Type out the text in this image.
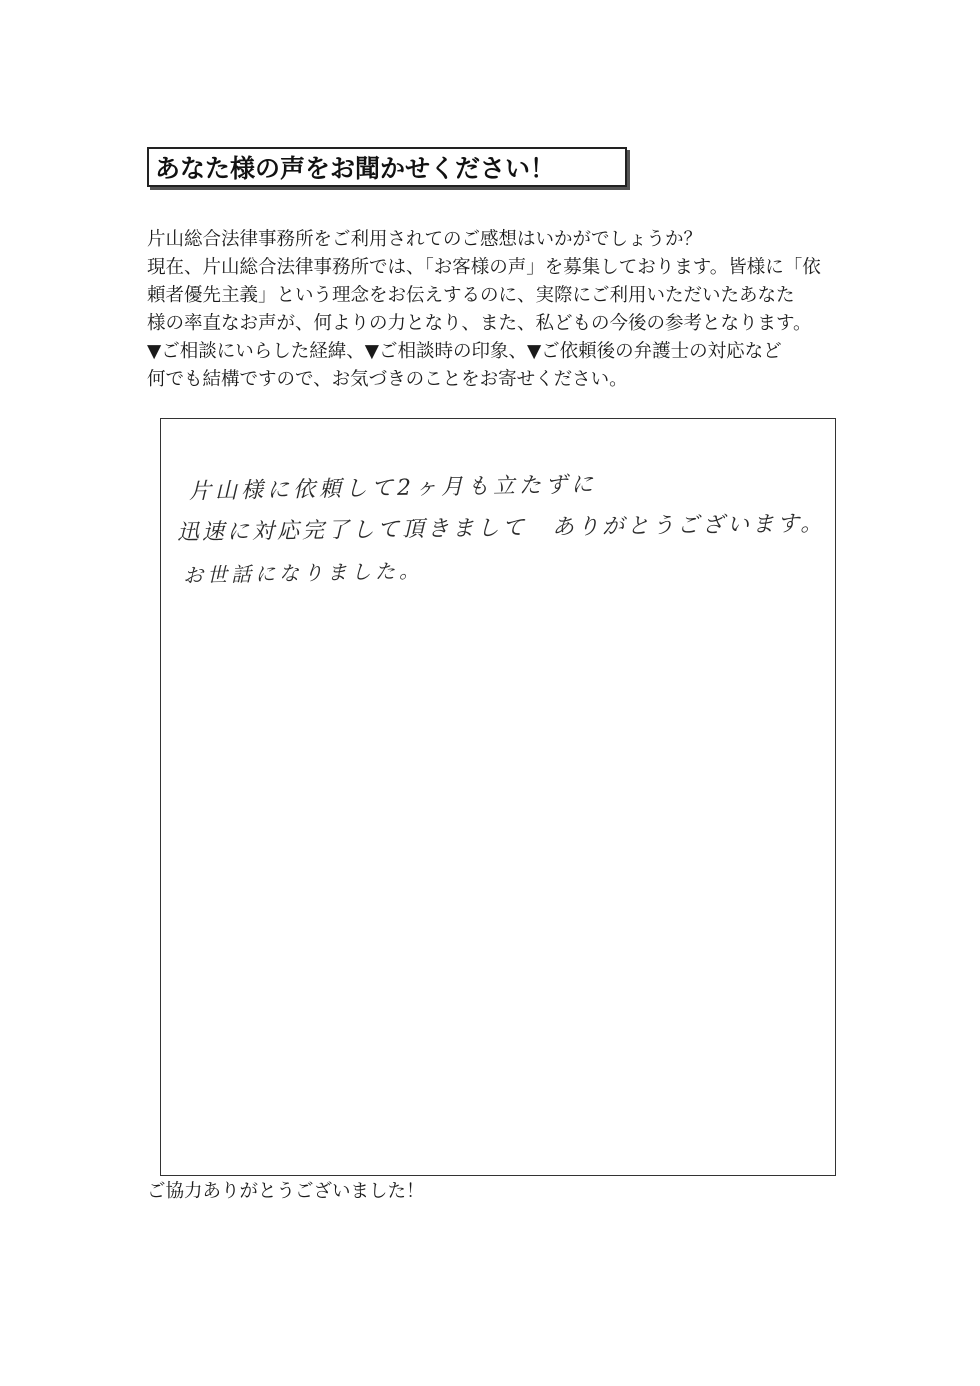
あなた様の声をお聞かせください！
片山総合法律事務所をご利用されてのご感想はいかがでしょうか？
現在、片山総合法律事務所では、「お客様の声」を募集しております。皆様に「依
頼者優先主義」という理念をお伝えするのに、実際にご利用いただいたあなた
様の率直なお声が、何よりの力となり、また、私どもの今後の参考となります。
▼ご相談にいらした経緯、▼ご相談時の印象、▼ご依頼後の弁護士の対応など
何でも結構ですので、お気づきのことをお寄せください。
片山様に依頼して2ヶ月も立たずに
迅速に対応完了して頂きまして　ありがとうございます。
お世話になりました。
ご協力ありがとうございました！
